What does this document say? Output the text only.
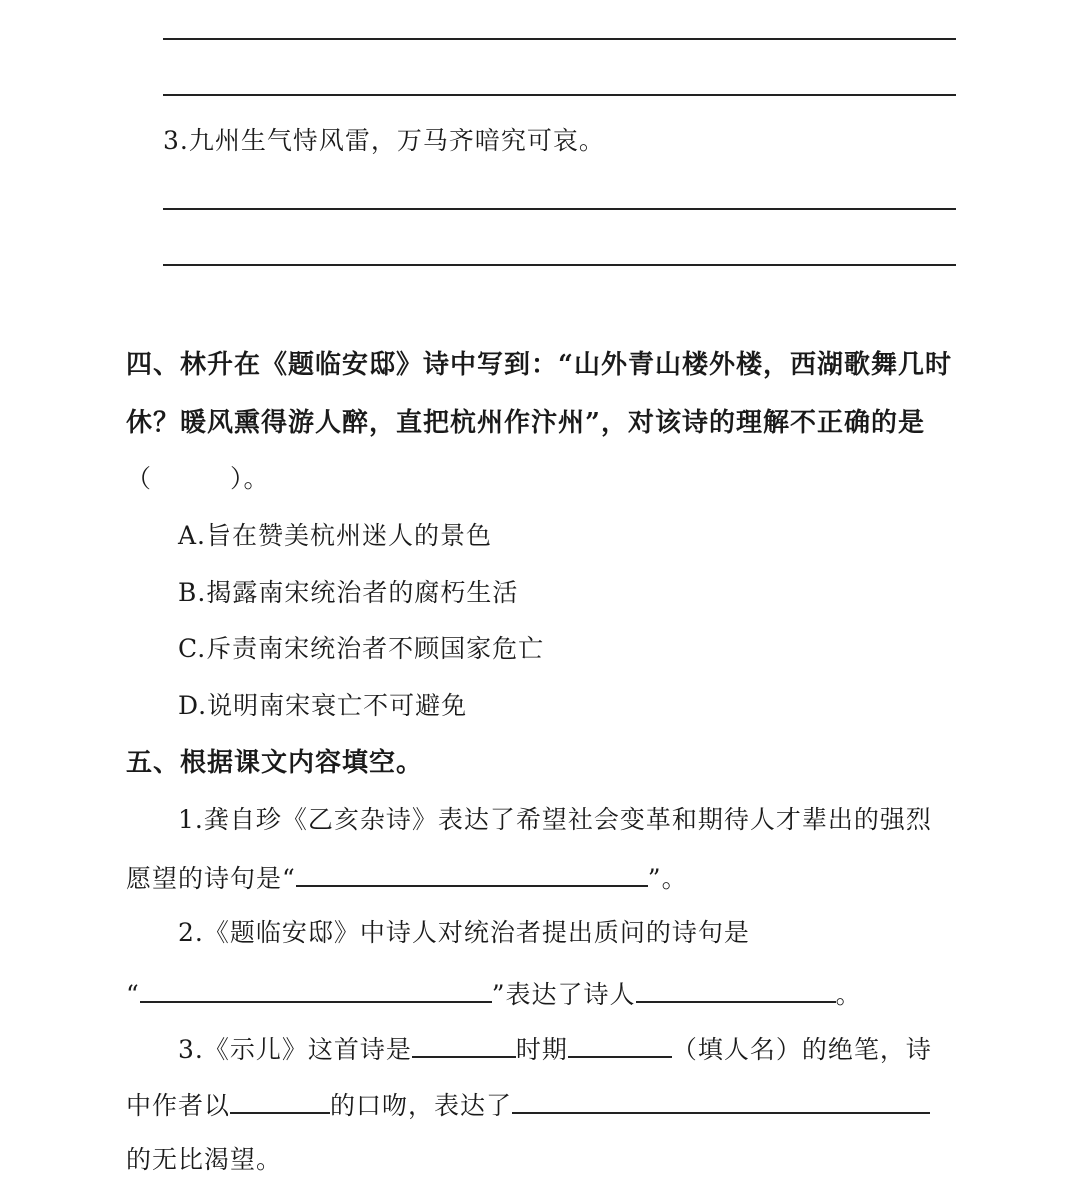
3.九州生气恃风雷，万马齐喑究可哀。
四、林升在《题临安邸》诗中写到：“山外青山楼外楼，西湖歌舞几时
休？暖风熏得游人醉，直把杭州作汴州”，对该诗的理解不正确的是
（　　　）。
A.旨在赞美杭州迷人的景色
B.揭露南宋统治者的腐朽生活
C.斥责南宋统治者不顾国家危亡
D.说明南宋衰亡不可避免
五、根据课文内容填空。
1.龚自珍《乙亥杂诗》表达了希望社会变革和期待人才辈出的强烈
愿望的诗句是“	”。
2.《题临安邸》中诗人对统治者提出质问的诗句是
“	”表达了诗人	。
3.《示儿》这首诗是	时期	（填人名）的绝笔，诗
中作者以	的口吻，表达了
的无比渴望。
